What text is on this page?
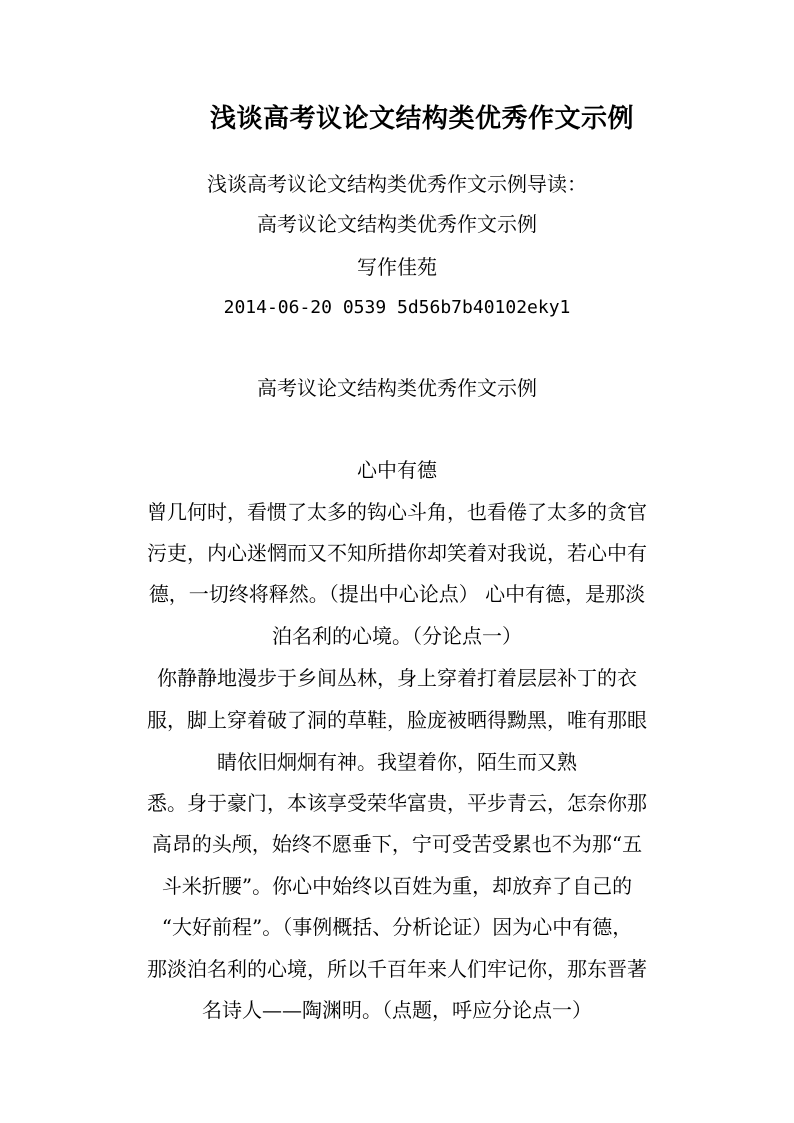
浅谈高考议论文结构类优秀作文示例
浅谈高考议论文结构类优秀作文示例导读：
高考议论文结构类优秀作文示例
写作佳苑
2014-06-20 0539 5d56b7b40102eky1
高考议论文结构类优秀作文示例
心中有德
曾几何时，看惯了太多的钩心斗角，也看倦了太多的贪官
污吏，内心迷惘而又不知所措你却笑着对我说，若心中有
德，一切终将释然。（提出中心论点） 心中有德，是那淡
泊名利的心境。（分论点一）
你静静地漫步于乡间丛林，身上穿着打着层层补丁的衣
服，脚上穿着破了洞的草鞋，脸庞被晒得黝黑，唯有那眼
睛依旧炯炯有神。我望着你，陌生而又熟
悉。身于豪门，本该享受荣华富贵，平步青云，怎奈你那
高昂的头颅，始终不愿垂下，宁可受苦受累也不为那“五
斗米折腰”。你心中始终以百姓为重，却放弃了自己的
“大好前程”。（事例概括、分析论证）因为心中有德，
那淡泊名利的心境，所以千百年来人们牢记你，那东晋著
名诗人——陶渊明。（点题，呼应分论点一）
